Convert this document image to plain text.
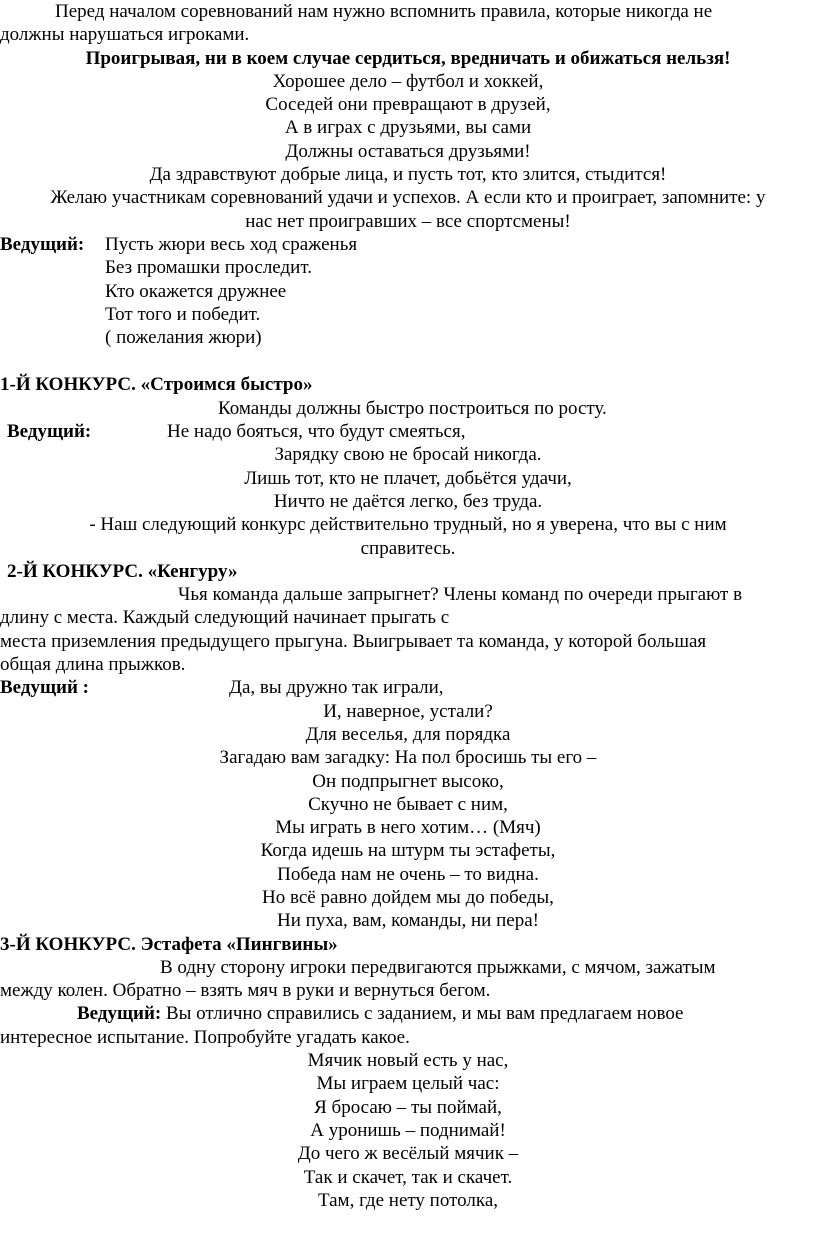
Перед началом соревнований нам нужно вспомнить правила, которые никогда не

должны нарушаться игроками.

Проигрывая, ни в коем случае сердиться, вредничать и обижаться нельзя!

Хорошее дело – футбол и хоккей,

Соседей они превращают в друзей,

А в играх с друзьями, вы сами

Должны оставаться друзьями!

Да здравствуют добрые лица, и пусть тот, кто злится, стыдится!

Желаю участникам соревнований удачи и успехов. А если кто и проиграет, запомните: у

нас нет проигравших – все спортсмены!

Ведущий:	Пусть жюри весь ход сраженья

Без промашки проследит.

Кто окажется дружнее

Тот того и победит.

( пожелания жюри)

1-Й КОНКУРС. «Строимся быстро»

Команды должны быстро построиться по росту.

Ведущий:	Не надо бояться, что будут смеяться,

Зарядку свою не бросай никогда.

Лишь тот, кто не плачет, добьётся удачи,

Ничто не даётся легко, без труда.

- Наш следующий конкурс действительно трудный, но я уверена, что вы с ним

справитесь.

2-Й КОНКУРС. «Кенгуру»

Чья команда дальше запрыгнет? Члены команд по очереди прыгают в

длину с места. Каждый следующий начинает прыгать с

места приземления предыдущего прыгуна. Выигрывает та команда, у которой большая

общая длина прыжков.

Ведущий :	Да, вы дружно так играли,

И, наверное, устали?

Для веселья, для порядка

Загадаю вам загадку: На пол бросишь ты его –

Он подпрыгнет высоко,

Скучно не бывает с ним,

Мы играть в него хотим… (Мяч)

Когда идешь на штурм ты эстафеты,

Победа нам не очень – то видна.

Но всё равно дойдем мы до победы,

Ни пуха, вам, команды, ни пера!

3-Й КОНКУРС. Эстафета «Пингвины»

В одну сторону игроки передвигаются прыжками, с мячом, зажатым

между колен. Обратно – взять мяч в руки и вернуться бегом.

Ведущий: Вы отлично справились с заданием, и мы вам предлагаем новое

интересное испытание. Попробуйте угадать какое.

Мячик новый есть у нас,

Мы играем целый час:

Я бросаю – ты поймай,

А уронишь – поднимай!

До чего ж весёлый мячик –

Так и скачет, так и скачет.

Там, где нету потолка,
